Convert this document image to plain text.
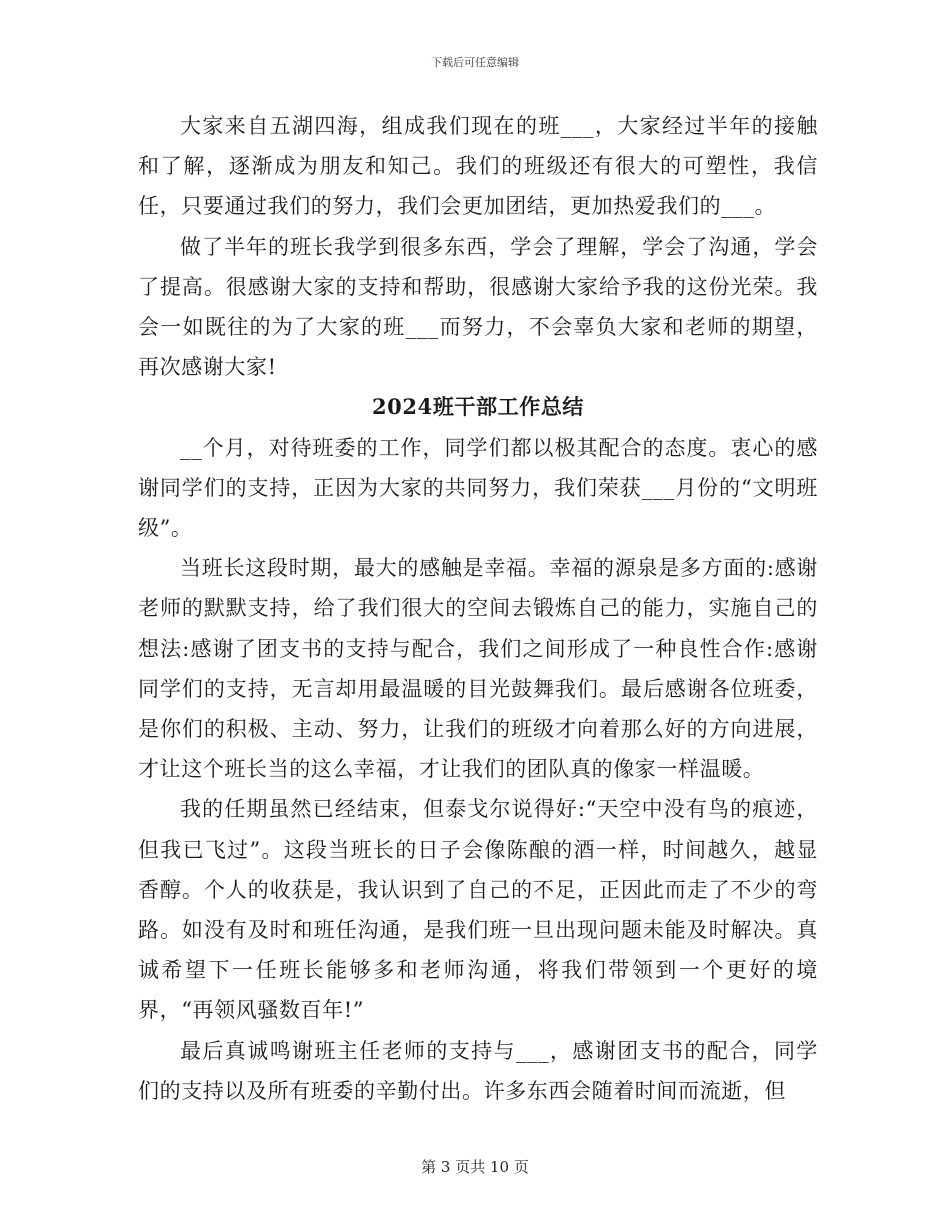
下载后可任意编辑

大家来自五湖四海，组成我们现在的班___，大家经过半年的接触和了解，逐渐成为朋友和知己。我们的班级还有很大的可塑性，我信任，只要通过我们的努力，我们会更加团结，更加热爱我们的___。

做了半年的班长我学到很多东西，学会了理解，学会了沟通，学会了提高。很感谢大家的支持和帮助，很感谢大家给予我的这份光荣。我会一如既往的为了大家的班___而努力，不会辜负大家和老师的期望，再次感谢大家!

2024班干部工作总结

__个月，对待班委的工作，同学们都以极其配合的态度。衷心的感谢同学们的支持，正因为大家的共同努力，我们荣获___月份的“文明班级”。

当班长这段时期，最大的感触是幸福。幸福的源泉是多方面的:感谢老师的默默支持，给了我们很大的空间去锻炼自己的能力，实施自己的想法:感谢了团支书的支持与配合，我们之间形成了一种良性合作:感谢同学们的支持，无言却用最温暖的目光鼓舞我们。最后感谢各位班委，是你们的积极、主动、努力，让我们的班级才向着那么好的方向进展，才让这个班长当的这么幸福，才让我们的团队真的像家一样温暖。

我的任期虽然已经结束，但泰戈尔说得好:“天空中没有鸟的痕迹，但我已飞过”。这段当班长的日子会像陈酿的酒一样，时间越久，越显香醇。个人的收获是，我认识到了自己的不足，正因此而走了不少的弯路。如没有及时和班任沟通，是我们班一旦出现问题未能及时解决。真诚希望下一任班长能够多和老师沟通，将我们带领到一个更好的境界，“再领风骚数百年!”

最后真诚鸣谢班主任老师的支持与___，感谢团支书的配合，同学们的支持以及所有班委的辛勤付出。许多东西会随着时间而流逝，但

第 3 页共 10 页
